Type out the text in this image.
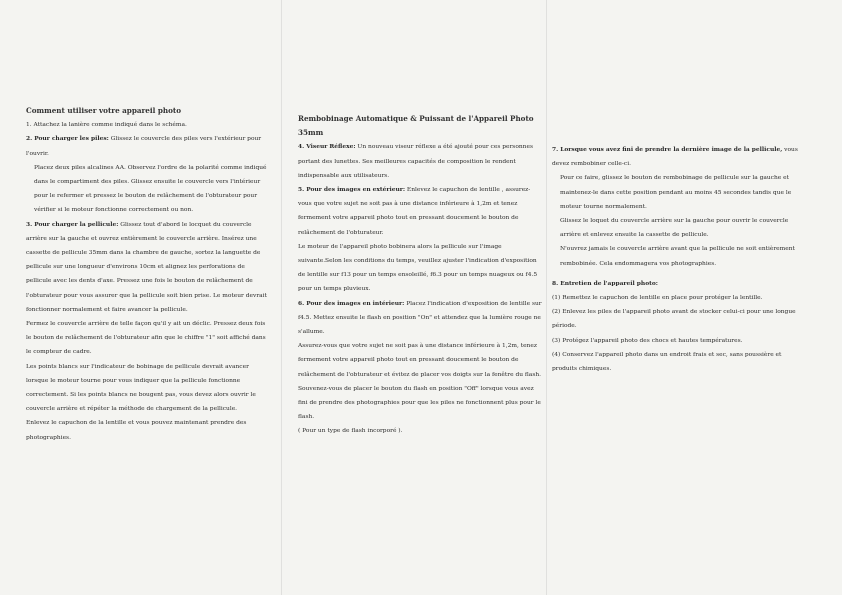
Comment utiliser votre appareil photo

1. Attachez la lanière comme indiqué dans le schéma.

2. Pour charger les piles: Glissez le couvercle des piles vers l'extérieur pour l'ouvrir.

Placez deux piles alcalines AA. Observez l'ordre de la polarité comme indiqué dans le compartiment des piles. Glissez ensuite le couvercle vers l'intérieur pour le refermer et pressez le bouton de relâchement de l'obturateur pour vérifier si le moteur fonctionne correctement ou non.

3. Pour charger la pellicule: Glissez tout d'abord le locquet du couvercle arrière sur la gauche et ouvrez entièrement le couvercle arrière. Insérez une cassette de pellicule 35mm dans la chambre de gauche, sortez la languette de pellicule sur une longueur d'environs 10cm et alignez les perforations de pellicule avec les dents d'axe. Pressez une fois le bouton de relâchement de l'obturateur pour vous assurer que la pellicule soit bien prise. Le moteur devrait fonctionner normalement et faire avancer la pellicule.

Fermez le couvercle arrière de telle façon qu'il y ait un déclic. Pressez deux fois le bouton de relâchement de l'obturateur afin que le chiffre "1" soit affiché dans le compteur de cadre.

Les points blancs sur l'indicateur de bobinage de pellicule devrait avancer lorsque le moteur tourne pour vous indiquer que la pellicule fonctionne correctement. Si les points blancs ne bougent pas, vous devez alors ouvrir le couvercle arrière et répéter la méthode de chargement de la pellicule.

Enlevez le capuchon de la lentille et vous pouvez maintenant prendre des photographies.

Rembobinage Automatique & Puissant de l'Appareil Photo 35mm

4. Viseur Réflexe: Un nouveau viseur réflexe a été ajouté pour ces personnes portant des lunettes. Ses meilleures capacités de composition le rendent indispensable aux utilisateurs.

5. Pour des images en extérieur: Enlevez le capuchon de lentille , assurez-vous que votre sujet ne soit pas à une distance inférieure à 1,2m et tenez fermement votre appareil photo tout en pressant doucement le bouton de relâchement de l'obturateur.

Le moteur de l'appareil photo bobinera alors la pellicule sur l'image suivante.Selon les conditions du temps, veuillez ajuster l'indication d'exposition de lentille sur f13 pour un temps ensoleillé, f6.3 pour un temps nuageux ou f4.5 pour un temps pluvieux.

6. Pour des images en intérieur: Placez l'indication d'exposition de lentille sur f4.5. Mettez ensuite le flash en position "On" et attendez que la lumière rouge ne s'allume.

Assurez-vous que votre sujet ne soit pas à une distance inférieure à 1,2m, tenez fermement votre appareil photo tout en pressant doucement le bouton de relâchement de l'obturateur et évitez de placer vos doigts sur la fenêtre du flash.

Souvenez-vous de placer le bouton du flash en position "Off" lorsque vous avez fini de prendre des photographies pour que les piles ne fonctionnent plus pour le flash.

( Pour un type de flash incorporé ).

7. Lorsque vous avez fini de prendre la dernière image de la pellicule, vous devez rembobiner celle-ci.

Pour ce faire, glissez le bouton de rembobinage de pellicule sur la gauche et maintenez-le dans cette position pendant au moins 45 secondes tandis que le moteur tourne normalement.

Glissez le loquet du couvercle arrière sur la gauche pour ouvrir le couvercle arrière et enlevez ensuite la cassette de pellicule.

N'ouvrez jamais le couvercle arrière avant que la pellicule ne soit entièrement rembobinée. Cela endommagera vos photographies.

8. Entretien de l'appareil photo:

(1) Remettez le capuchon de lentille en place pour protéger la lentille.

(2) Enlevez les piles de l'appareil photo avant de stocker celui-ci pour une longue période.

(3) Protégez l'appareil photo des chocs et hautes températures.

(4) Conservez l'appareil photo dans un endroit frais et sec, sans poussière et produits chimiques.
